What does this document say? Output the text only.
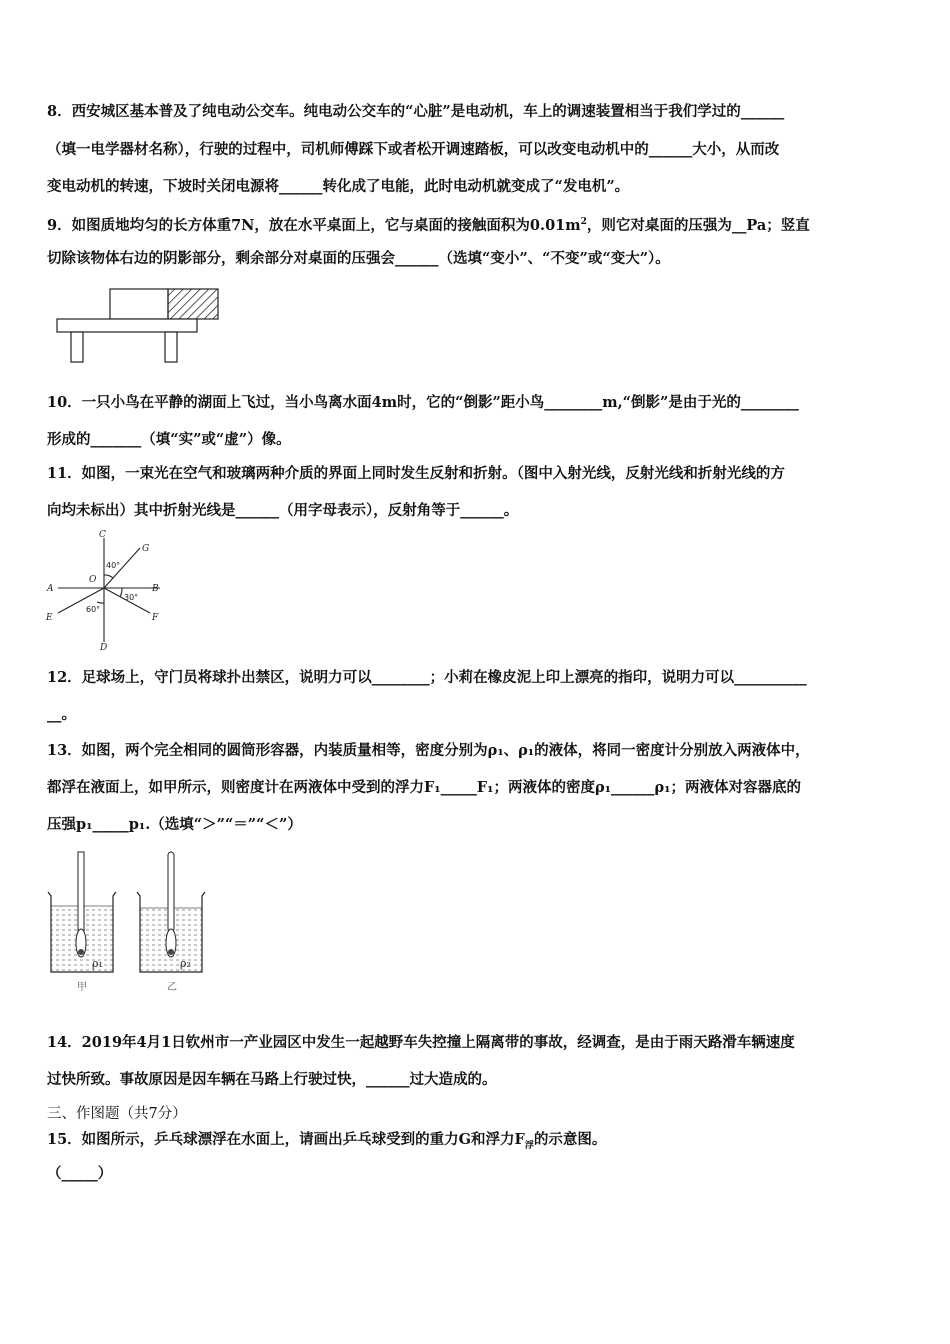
8．西安城区基本普及了纯电动公交车。纯电动公交车的“心脏”是电动机，车上的调速装置相当于我们学过的______
（填一电学器材名称），行驶的过程中，司机师傅踩下或者松开调速踏板，可以改变电动机中的______大小，从而改
变电动机的转速，下坡时关闭电源将______转化成了电能，此时电动机就变成了“发电机”。
9．如图质地均匀的长方体重7N，放在水平桌面上，它与桌面的接触面积为$0.01m^2$，则它对桌面的压强为__Pa；竖直
切除该物体右边的阴影部分，剩余部分对桌面的压强会______（选填“变小”、“不变”或“变大”）。
10．一只小鸟在平静的湖面上飞过，当小鸟离水面4m时，它的“倒影”距小鸟________m,“倒影”是由于光的________
形成的_______（填“实”或“虚”）像。
11．如图，一束光在空气和玻璃两种介质的界面上同时发生反射和折射。（图中入射光线，反射光线和折射光线的方
向均未标出）其中折射光线是______（用字母表示），反射角等于______。
C
G
A	B
O
E	F
D
40°
30°
60°
12．足球场上，守门员将球扑出禁区，说明力可以________；小莉在橡皮泥上印上漂亮的指印，说明力可以__________
__。
13．如图，两个完全相同的圆筒形容器，内装质量相等，密度分别为ρ₁、ρ₁的液体，将同一密度计分别放入两液体中，
都浮在液面上，如甲所示，则密度计在两液体中受到的浮力F₁_____F₁；两液体的密度ρ₁______ρ₁；两液体对容器底的
压强p₁_____p₁.（选填“＞”“＝”“＜”）
ρ₁
甲
ρ₂
乙
14．2019年4月1日钦州市一产业园区中发生一起越野车失控撞上隔离带的事故，经调查，是由于雨天路滑车辆速度
过快所致。事故原因是因车辆在马路上行驶过快，______过大造成的。
三、作图题（共7分）
15．如图所示，乒乓球漂浮在水面上，请画出乒乓球受到的重力G和浮力$F_浮$的示意图。
（_____）
